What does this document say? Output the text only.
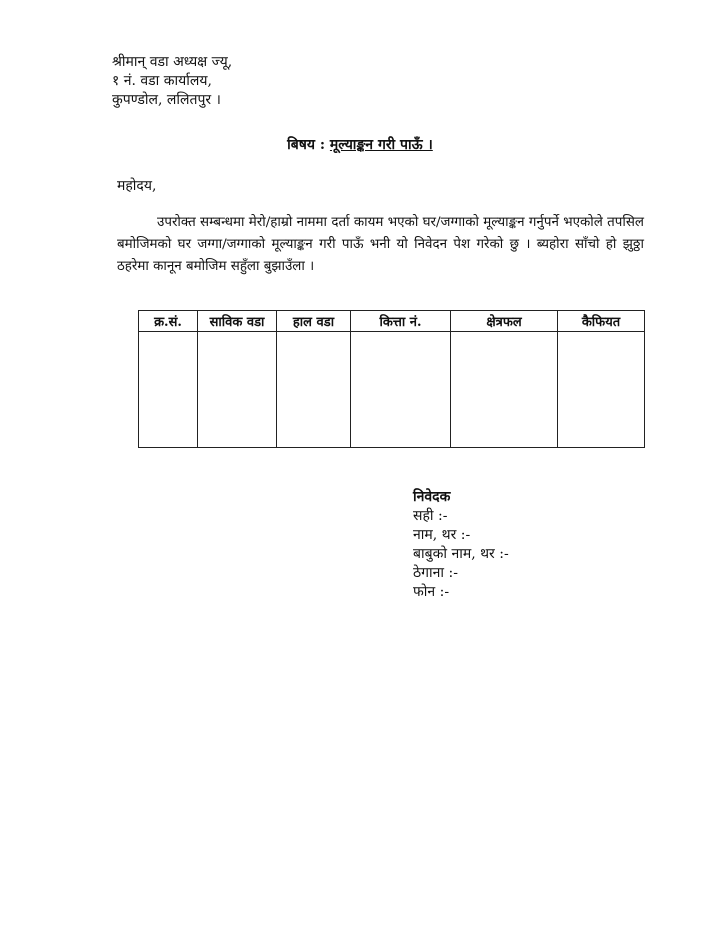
श्रीमान् वडा अध्यक्ष ज्यू,
१ नं. वडा कार्यालय,
कुपण्डोल, ललितपुर ।
बिषय : मूल्याङ्कन गरी पाऊँ ।
महोदय,
उपरोक्त सम्बन्धमा मेरो/हाम्रो नाममा दर्ता कायम भएको घर/जग्गाको मूल्याङ्कन गर्नुपर्ने भएकोले तपसिल बमोजिमको घर जग्गा/जग्गाको मूल्याङ्कन गरी पाऊँ भनी यो निवेदन पेश गरेको छु । ब्यहोरा साँचो हो झुठ्ठा ठहरेमा कानून बमोजिम सहुँला बुझाउँला ।
क्र.सं.	साविक वडा	हाल वडा	कित्ता नं.	क्षेत्रफल	कैफियत

निवेदक
सही :-
नाम, थर :-
बाबुको नाम, थर :-
ठेगाना :-
फोन :-
